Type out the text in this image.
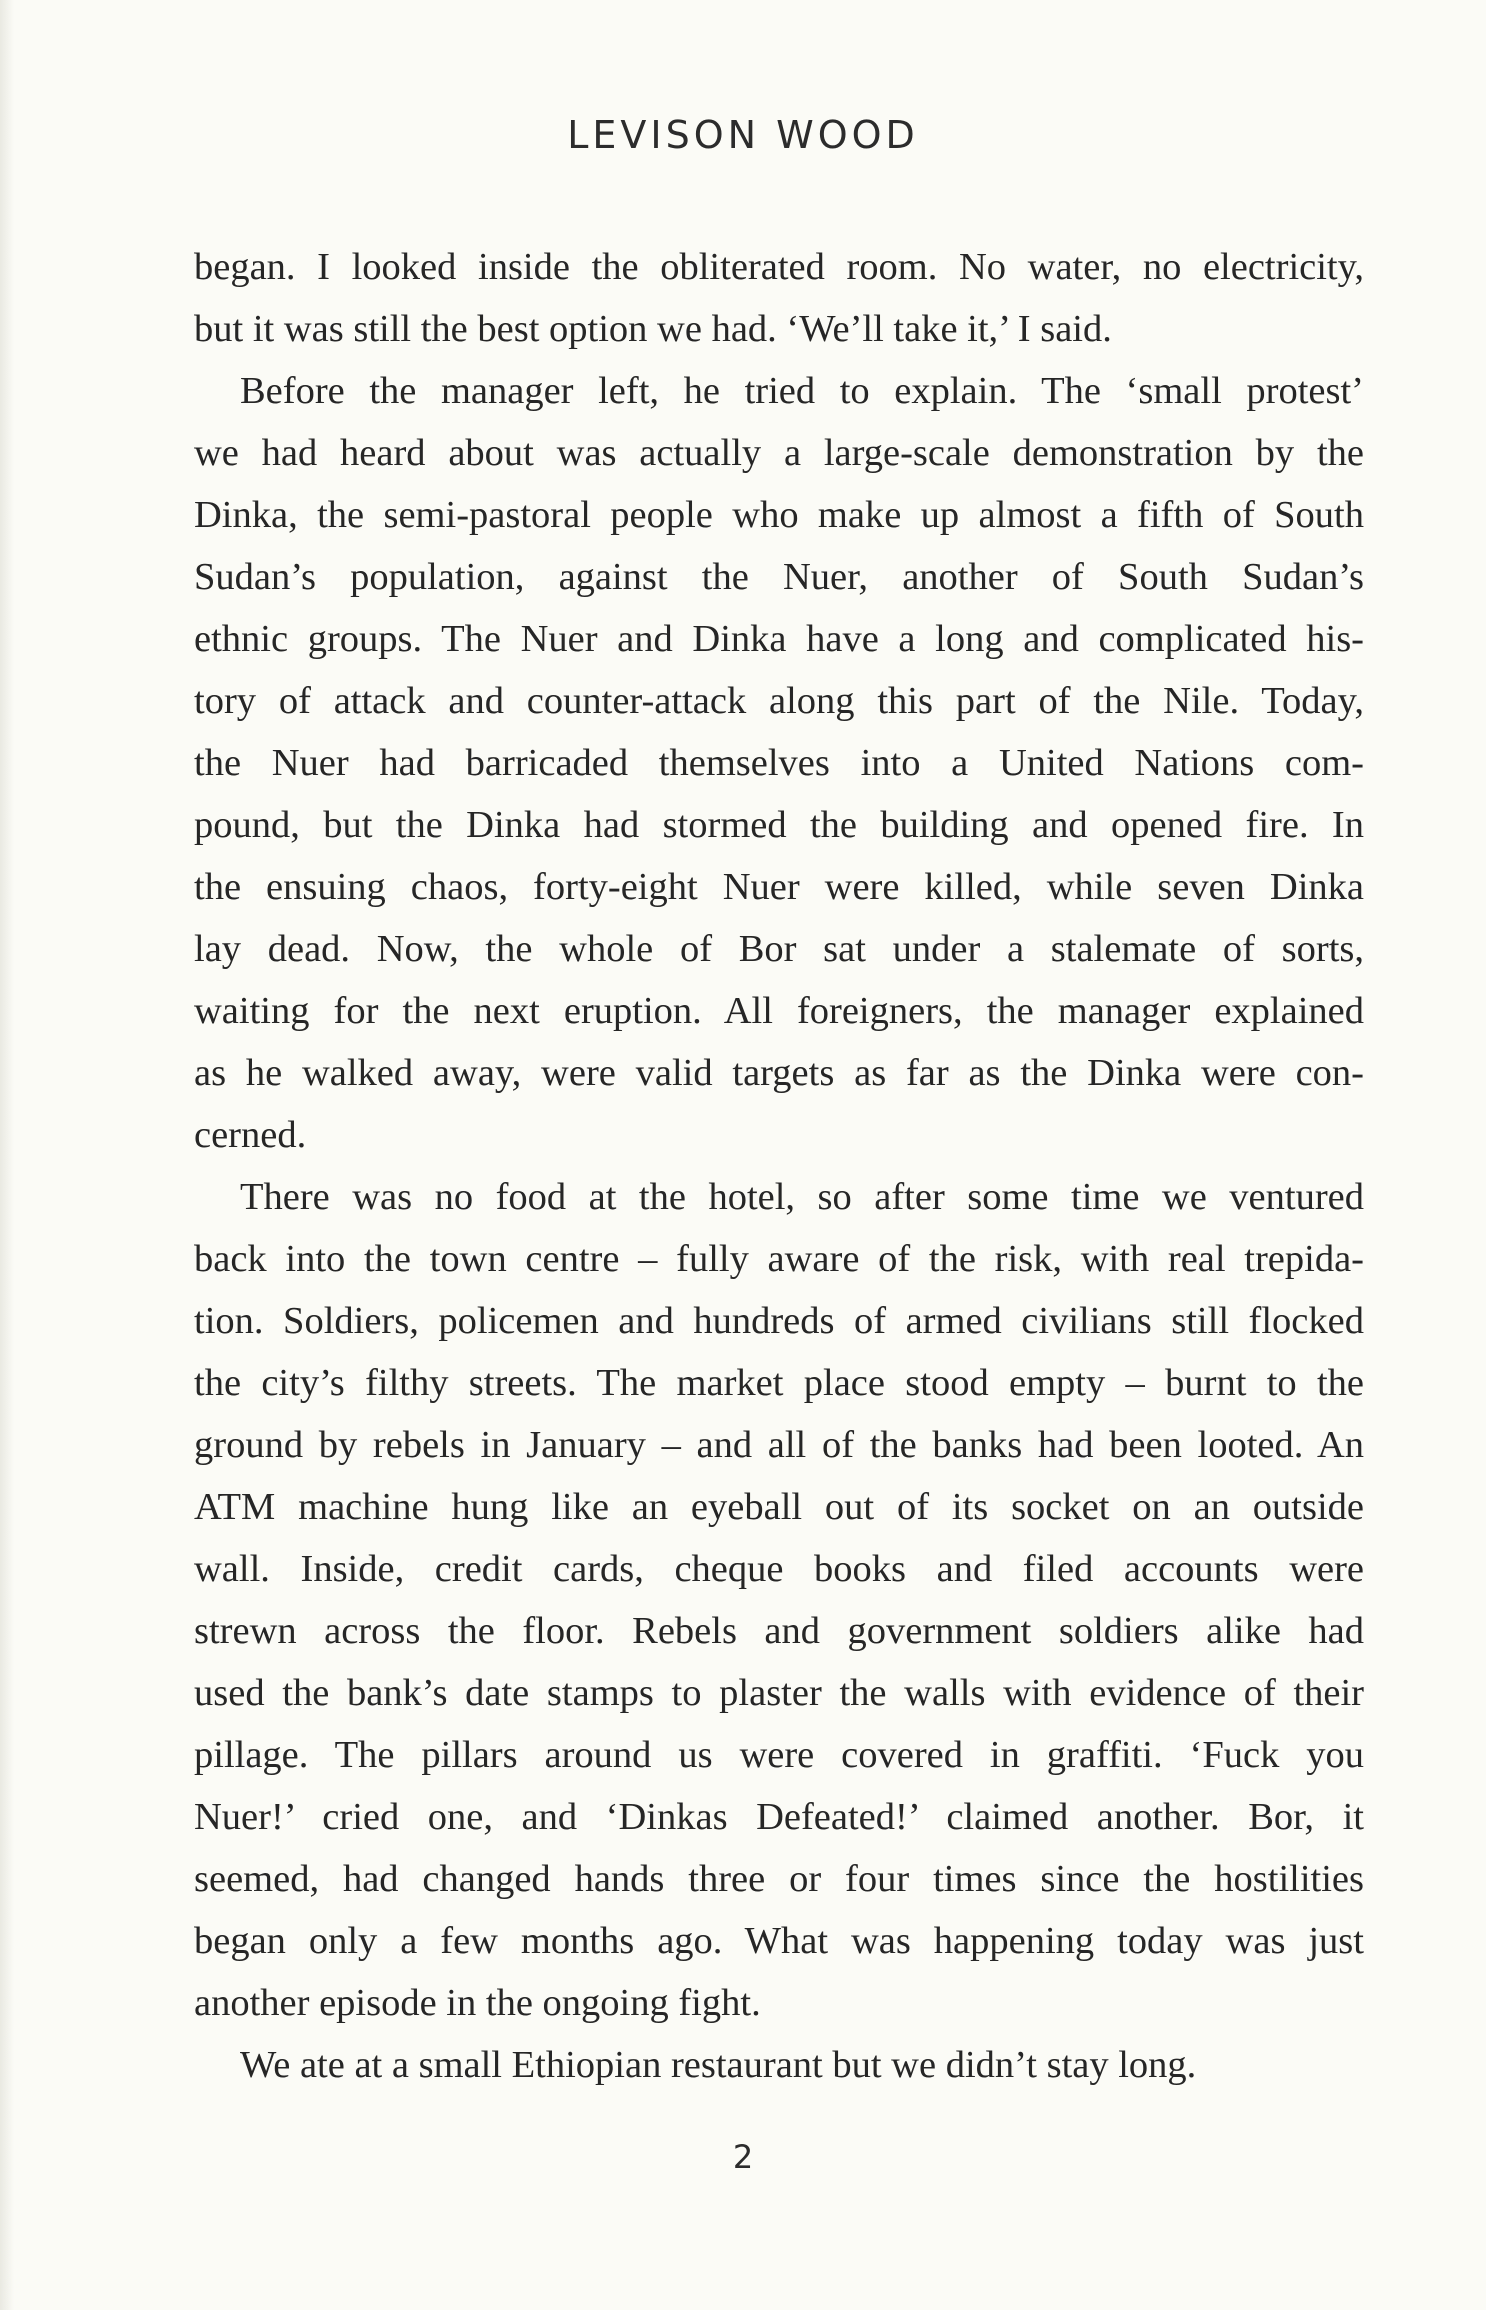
LEVISON WOOD
began. I looked inside the obliterated room. No water, no electricity,
but it was still the best option we had. ‘We’ll take it,’ I said.
Before the manager left, he tried to explain. The ‘small protest’
we had heard about was actually a large-scale demonstration by the
Dinka, the semi-pastoral people who make up almost a fifth of South
Sudan’s population, against the Nuer, another of South Sudan’s
ethnic groups. The Nuer and Dinka have a long and complicated his-
tory of attack and counter-attack along this part of the Nile. Today,
the Nuer had barricaded themselves into a United Nations com-
pound, but the Dinka had stormed the building and opened fire. In
the ensuing chaos, forty-eight Nuer were killed, while seven Dinka
lay dead. Now, the whole of Bor sat under a stalemate of sorts,
waiting for the next eruption. All foreigners, the manager explained
as he walked away, were valid targets as far as the Dinka were con-
cerned.
There was no food at the hotel, so after some time we ventured
back into the town centre – fully aware of the risk, with real trepida-
tion. Soldiers, policemen and hundreds of armed civilians still flocked
the city’s filthy streets. The market place stood empty – burnt to the
ground by rebels in January – and all of the banks had been looted. An
ATM machine hung like an eyeball out of its socket on an outside
wall. Inside, credit cards, cheque books and filed accounts were
strewn across the floor. Rebels and government soldiers alike had
used the bank’s date stamps to plaster the walls with evidence of their
pillage. The pillars around us were covered in graffiti. ‘Fuck you
Nuer!’ cried one, and ‘Dinkas Defeated!’ claimed another. Bor, it
seemed, had changed hands three or four times since the hostilities
began only a few months ago. What was happening today was just
another episode in the ongoing fight.
We ate at a small Ethiopian restaurant but we didn’t stay long.
2
